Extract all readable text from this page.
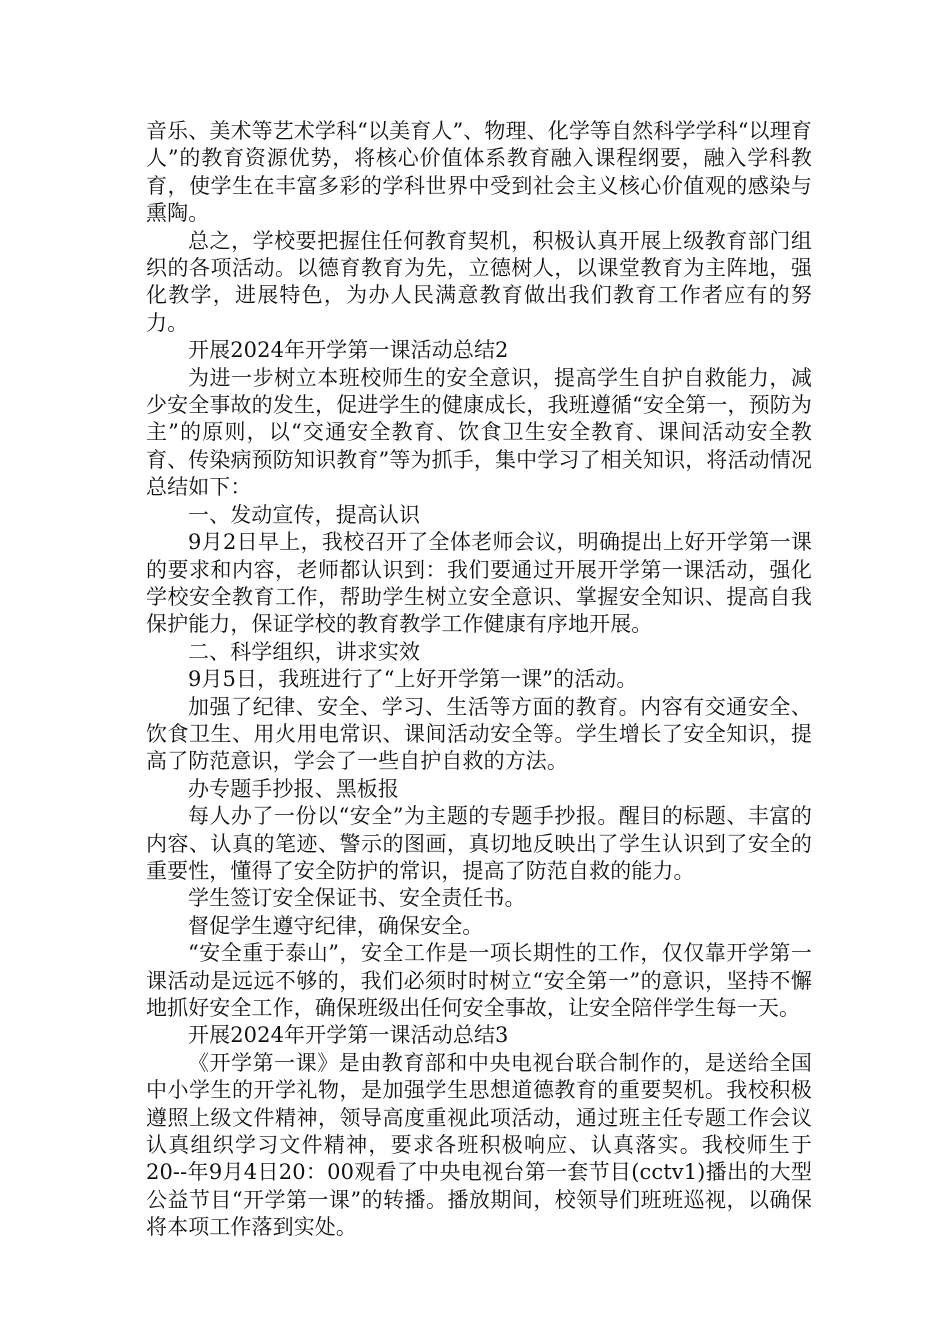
音乐、美术等艺术学科“以美育人”、物理、化学等自然科学学科“以理育人”的教育资源优势，将核心价值体系教育融入课程纲要，融入学科教育，使学生在丰富多彩的学科世界中受到社会主义核心价值观的感染与熏陶。

总之，学校要把握住任何教育契机，积极认真开展上级教育部门组织的各项活动。以德育教育为先，立德树人，以课堂教育为主阵地，强化教学，进展特色，为办人民满意教育做出我们教育工作者应有的努力。

开展2024年开学第一课活动总结2

为进一步树立本班校师生的安全意识，提高学生自护自救能力，减少安全事故的发生，促进学生的健康成长，我班遵循“安全第一，预防为主”的原则，以“交通安全教育、饮食卫生安全教育、课间活动安全教育、传染病预防知识教育”等为抓手，集中学习了相关知识，将活动情况总结如下：

一、发动宣传，提高认识

9月2日早上，我校召开了全体老师会议，明确提出上好开学第一课的要求和内容，老师都认识到：我们要通过开展开学第一课活动，强化学校安全教育工作，帮助学生树立安全意识、掌握安全知识、提高自我保护能力，保证学校的教育教学工作健康有序地开展。

二、科学组织，讲求实效

9月5日，我班进行了“上好开学第一课”的活动。

加强了纪律、安全、学习、生活等方面的教育。内容有交通安全、饮食卫生、用火用电常识、课间活动安全等。学生增长了安全知识，提高了防范意识，学会了一些自护自救的方法。

办专题手抄报、黑板报

每人办了一份以“安全”为主题的专题手抄报。醒目的标题、丰富的内容、认真的笔迹、警示的图画，真切地反映出了学生认识到了安全的重要性，懂得了安全防护的常识，提高了防范自救的能力。

学生签订安全保证书、安全责任书。

督促学生遵守纪律，确保安全。

“安全重于泰山”，安全工作是一项长期性的工作，仅仅靠开学第一课活动是远远不够的，我们必须时时树立“安全第一”的意识，坚持不懈地抓好安全工作，确保班级出任何安全事故，让安全陪伴学生每一天。

开展2024年开学第一课活动总结3

《开学第一课》是由教育部和中央电视台联合制作的，是送给全国中小学生的开学礼物，是加强学生思想道德教育的重要契机。我校积极遵照上级文件精神，领导高度重视此项活动，通过班主任专题工作会议认真组织学习文件精神，要求各班积极响应、认真落实。我校师生于20--年9月4日20：00观看了中央电视台第一套节目(cctv1)播出的大型公益节目“开学第一课”的转播。播放期间，校领导们班班巡视，以确保将本项工作落到实处。
